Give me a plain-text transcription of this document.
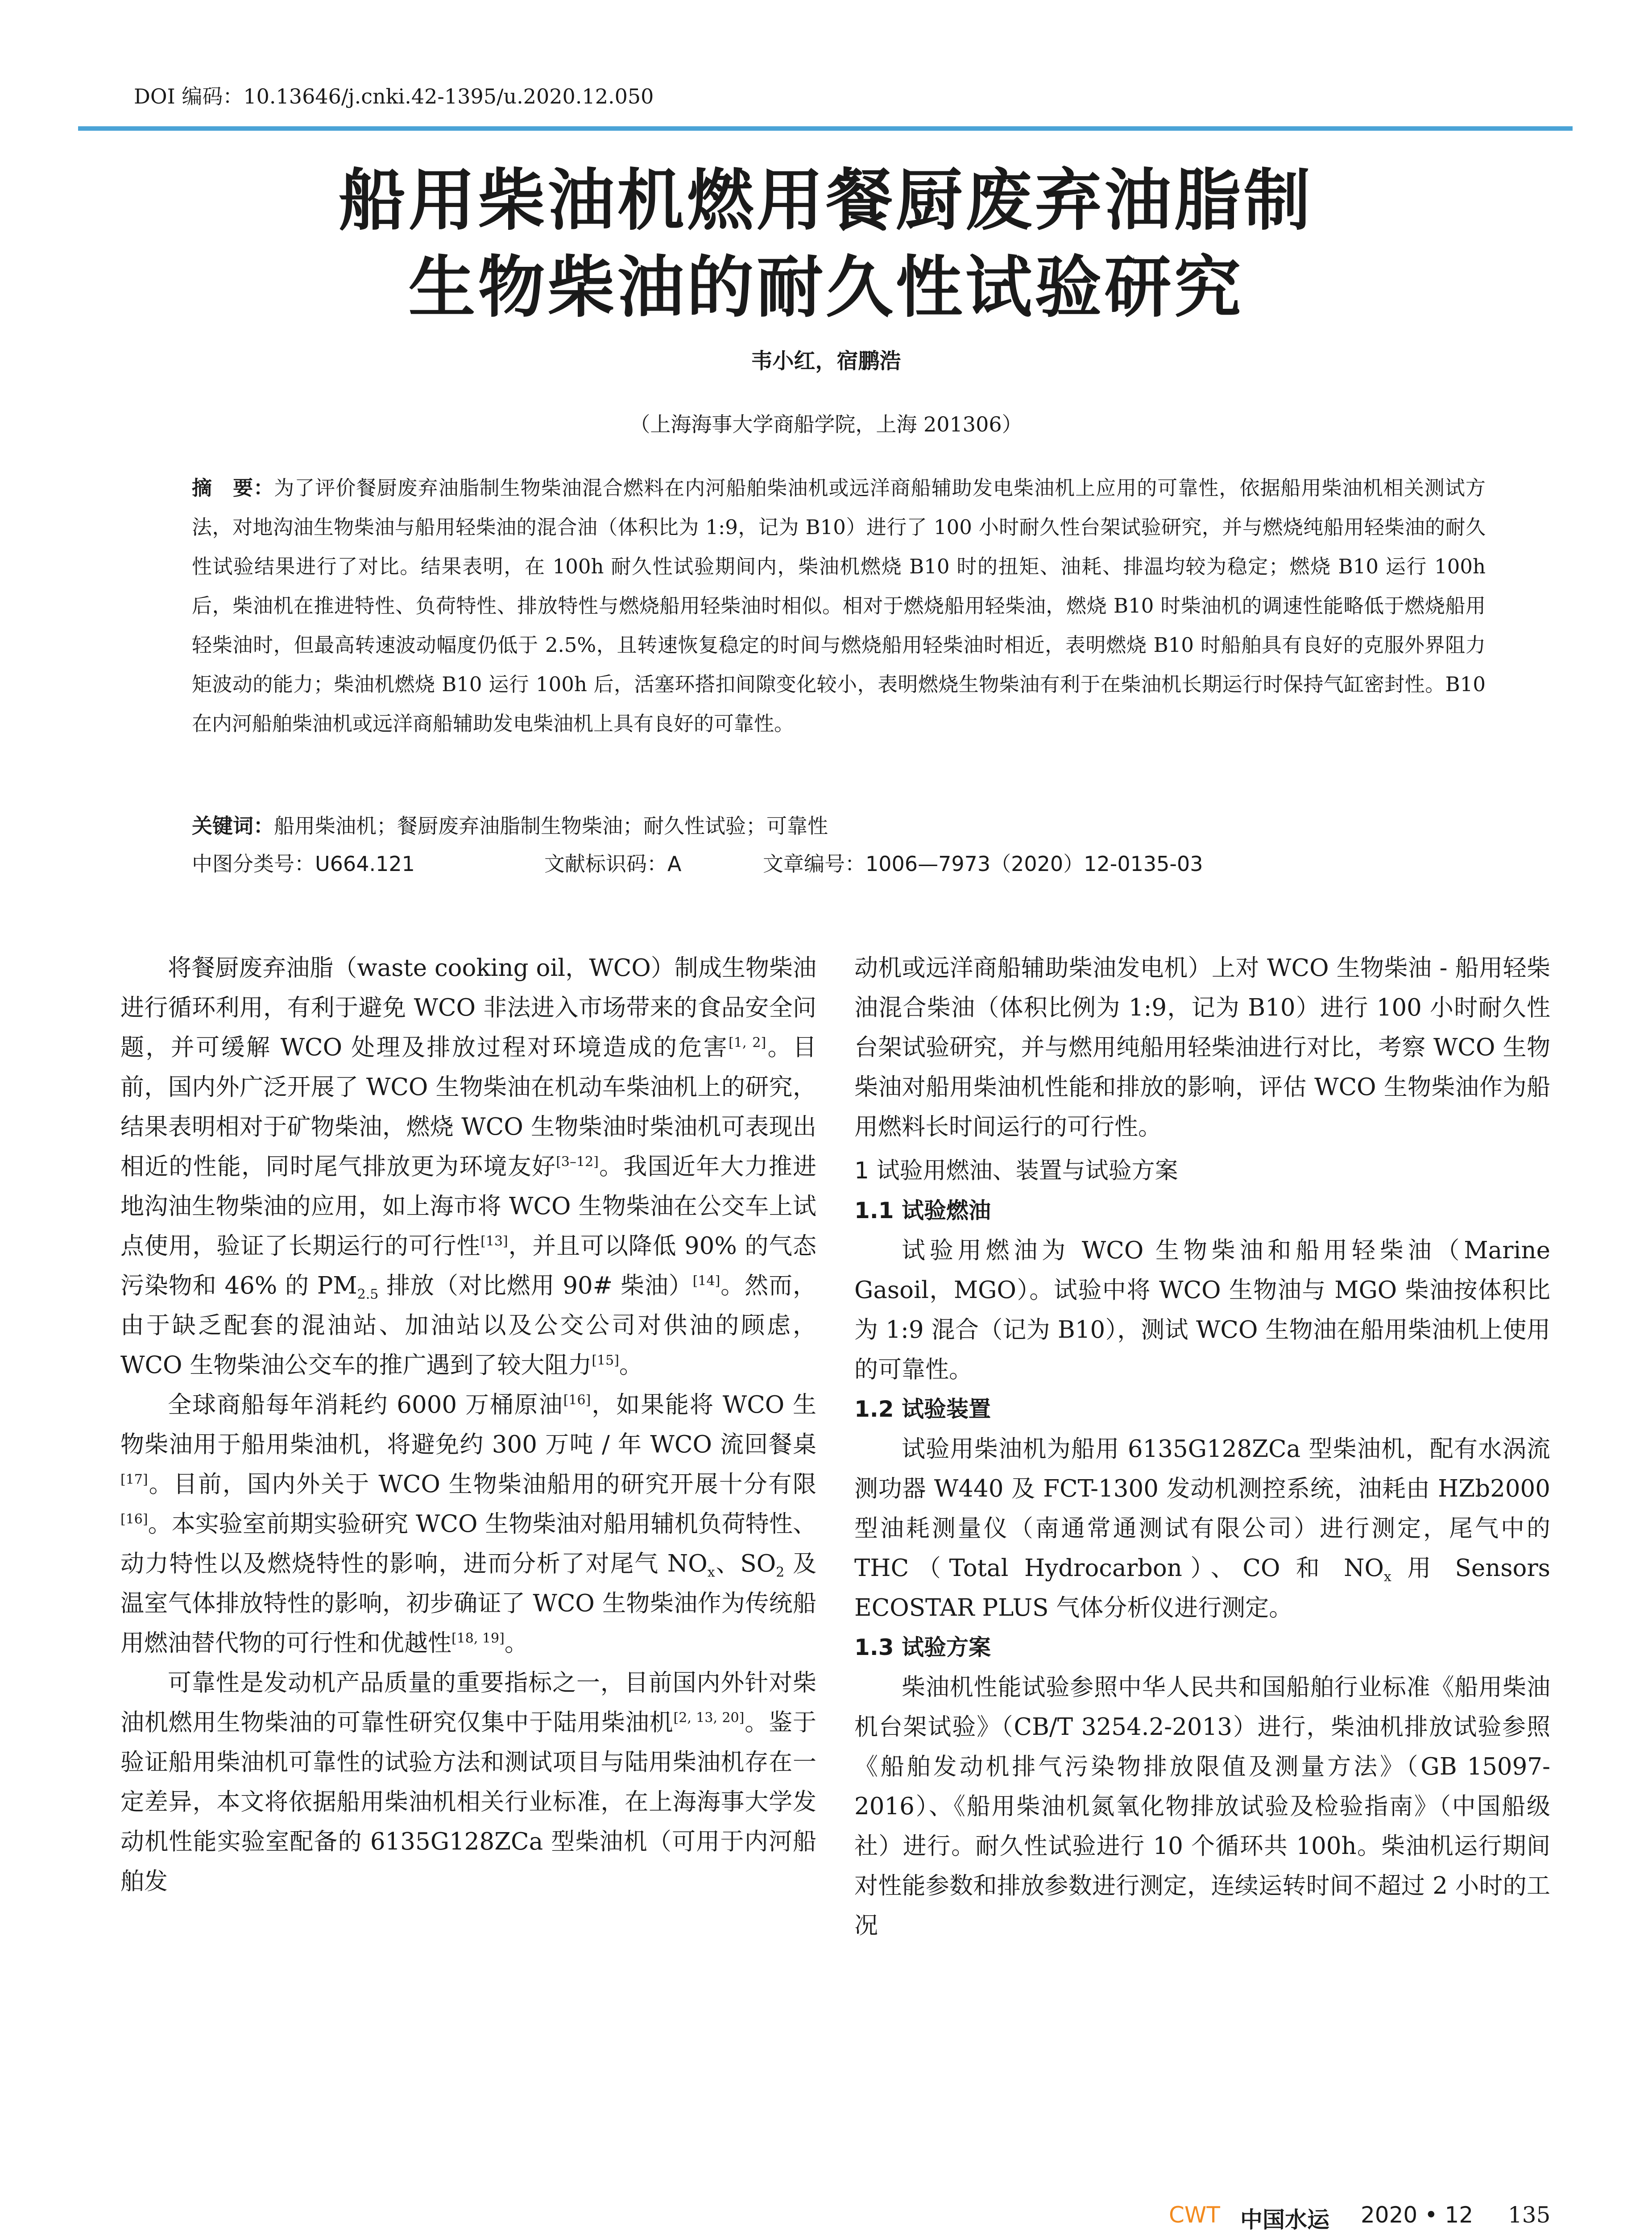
DOI 编码：10.13646/j.cnki.42-1395/u.2020.12.050
船用柴油机燃用餐厨废弃油脂制
生物柴油的耐久性试验研究
韦小红，宿鹏浩
（上海海事大学商船学院，上海 201306）
摘　要：为了评价餐厨废弃油脂制生物柴油混合燃料在内河船舶柴油机或远洋商船辅助发电柴油机上应用的可靠性，依据船用柴油机相关测试方法，对地沟油生物柴油与船用轻柴油的混合油（体积比为 1:9，记为 B10）进行了 100 小时耐久性台架试验研究，并与燃烧纯船用轻柴油的耐久性试验结果进行了对比。结果表明，在 100h 耐久性试验期间内，柴油机燃烧 B10 时的扭矩、油耗、排温均较为稳定；燃烧 B10 运行 100h 后，柴油机在推进特性、负荷特性、排放特性与燃烧船用轻柴油时相似。相对于燃烧船用轻柴油，燃烧 B10 时柴油机的调速性能略低于燃烧船用轻柴油时，但最高转速波动幅度仍低于 2.5%，且转速恢复稳定的时间与燃烧船用轻柴油时相近，表明燃烧 B10 时船舶具有良好的克服外界阻力矩波动的能力；柴油机燃烧 B10 运行 100h 后，活塞环搭扣间隙变化较小，表明燃烧生物柴油有利于在柴油机长期运行时保持气缸密封性。B10 在内河船舶柴油机或远洋商船辅助发电柴油机上具有良好的可靠性。
关键词：船用柴油机；餐厨废弃油脂制生物柴油；耐久性试验；可靠性
中图分类号：U664.121	文献标识码：A	文章编号：1006—7973（2020）12-0135-03

将餐厨废弃油脂（waste cooking oil，WCO）制成生物柴油进行循环利用，有利于避免 WCO 非法进入市场带来的食品安全问题，并可缓解 WCO 处理及排放过程对环境造成的危害[1, 2]。目前，国内外广泛开展了 WCO 生物柴油在机动车柴油机上的研究，结果表明相对于矿物柴油，燃烧 WCO 生物柴油时柴油机可表现出相近的性能，同时尾气排放更为环境友好[3–12]。我国近年大力推进地沟油生物柴油的应用，如上海市将 WCO 生物柴油在公交车上试点使用，验证了长期运行的可行性[13]，并且可以降低 90% 的气态污染物和 46% 的 $PM_{2.5}$ 排放（对比燃用 90# 柴油）[14]。然而，由于缺乏配套的混油站、加油站以及公交公司对供油的顾虑，WCO 生物柴油公交车的推广遇到了较大阻力[15]。

全球商船每年消耗约 6000 万桶原油[16]，如果能将 WCO 生物柴油用于船用柴油机，将避免约 300 万吨 / 年 WCO 流回餐桌[17]。目前，国内外关于 WCO 生物柴油船用的研究开展十分有限[16]。本实验室前期实验研究 WCO 生物柴油对船用辅机负荷特性、动力特性以及燃烧特性的影响，进而分析了对尾气 $NO_x$、$SO_2$ 及温室气体排放特性的影响，初步确证了 WCO 生物柴油作为传统船用燃油替代物的可行性和优越性[18, 19]。

可靠性是发动机产品质量的重要指标之一，目前国内外针对柴油机燃用生物柴油的可靠性研究仅集中于陆用柴油机[2, 13, 20]。鉴于验证船用柴油机可靠性的试验方法和测试项目与陆用柴油机存在一定差异，本文将依据船用柴油机相关行业标准，在上海海事大学发动机性能实验室配备的 6135G128ZCa 型柴油机（可用于内河船舶发

动机或远洋商船辅助柴油发电机）上对 WCO 生物柴油 - 船用轻柴油混合柴油（体积比例为 1:9，记为 B10）进行 100 小时耐久性台架试验研究，并与燃用纯船用轻柴油进行对比，考察 WCO 生物柴油对船用柴油机性能和排放的影响，评估 WCO 生物柴油作为船用燃料长时间运行的可行性。

1 试验用燃油、装置与试验方案
1.1 试验燃油

试验用燃油为 WCO 生物柴油和船用轻柴油（Marine Gasoil，MGO）。试验中将 WCO 生物油与 MGO 柴油按体积比为 1:9 混合（记为 B10），测试 WCO 生物油在船用柴油机上使用的可靠性。

1.2 试验装置

试验用柴油机为船用 6135G128ZCa 型柴油机，配有水涡流测功器 W440 及 FCT-1300 发动机测控系统，油耗由 HZb2000 型油耗测量仪（南通常通测试有限公司）进行测定，尾气中的 THC（Total Hydrocarbon）、CO 和 $NO_x$ 用 Sensors ECOSTAR PLUS 气体分析仪进行测定。

1.3 试验方案

柴油机性能试验参照中华人民共和国船舶行业标准《船用柴油机台架试验》（CB/T 3254.2-2013）进行，柴油机排放试验参照《船舶发动机排气污染物排放限值及测量方法》（GB 15097-2016）、《船用柴油机氮氧化物排放试验及检验指南》（中国船级社）进行。耐久性试验进行 10 个循环共 100h。柴油机运行期间对性能参数和排放参数进行测定，连续运转时间不超过 2 小时的工况

CWT 中国水运 2020 • 12 135
